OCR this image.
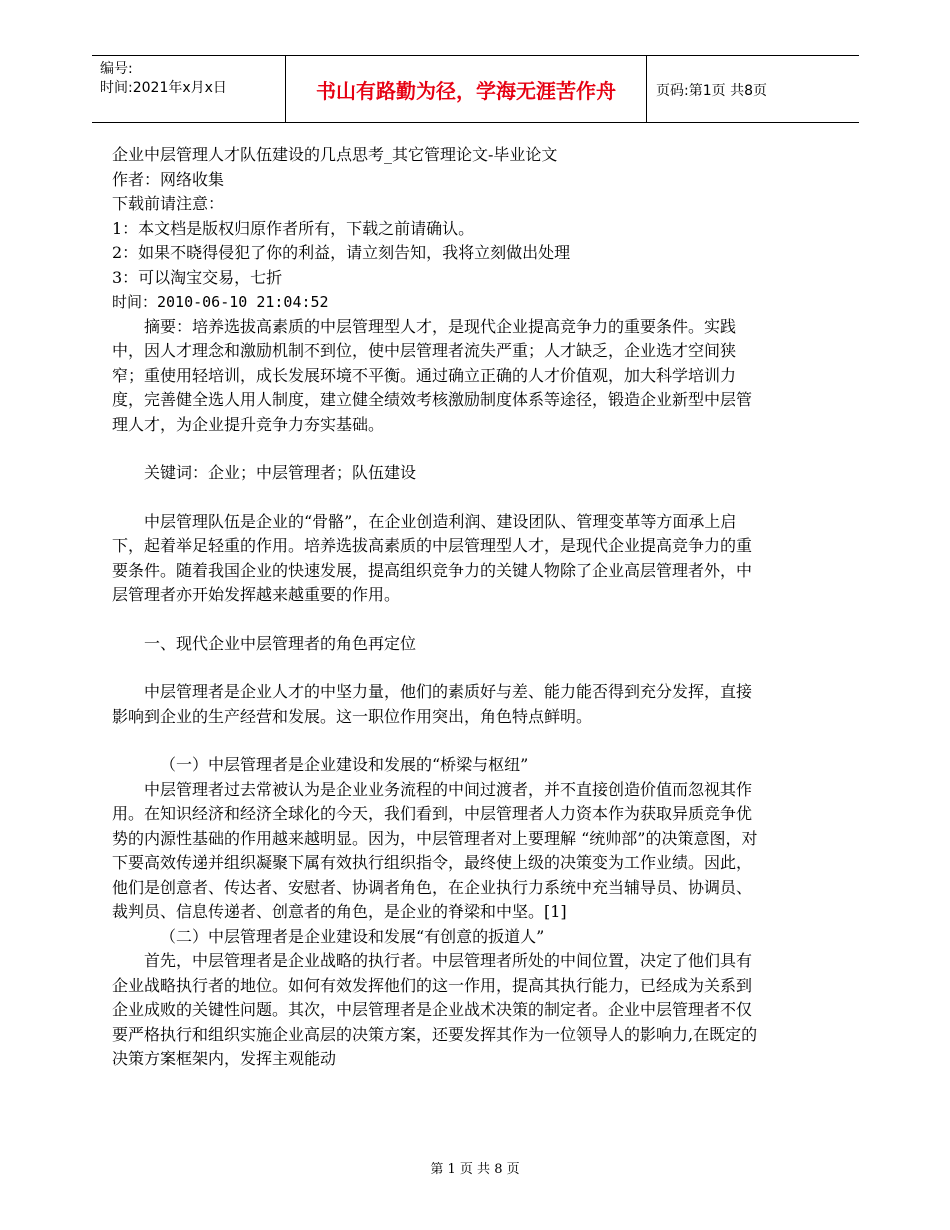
编号:
时间:2021年x月x日	书山有路勤为径，学海无涯苦作舟	页码:第1页 共8页

企业中层管理人才队伍建设的几点思考_其它管理论文-毕业论文

作者：网络收集

下载前请注意：

1：本文档是版权归原作者所有，下载之前请确认。

2：如果不晓得侵犯了你的利益，请立刻告知，我将立刻做出处理

3：可以淘宝交易，七折

时间：2010-06-10 21:04:52

摘要：培养选拔高素质的中层管理型人才，是现代企业提高竞争力的重要条件。实践中，因人才理念和激励机制不到位，使中层管理者流失严重；人才缺乏，企业选才空间狭窄；重使用轻培训，成长发展环境不平衡。通过确立正确的人才价值观，加大科学培训力度，完善健全选人用人制度，建立健全绩效考核激励制度体系等途径，锻造企业新型中层管理人才，为企业提升竞争力夯实基础。

关键词：企业；中层管理者；队伍建设

中层管理队伍是企业的“骨骼”，在企业创造利润、建设团队、管理变革等方面承上启下，起着举足轻重的作用。培养选拔高素质的中层管理型人才，是现代企业提高竞争力的重要条件。随着我国企业的快速发展，提高组织竞争力的关键人物除了企业高层管理者外，中层管理者亦开始发挥越来越重要的作用。

一、现代企业中层管理者的角色再定位

中层管理者是企业人才的中坚力量，他们的素质好与差、能力能否得到充分发挥，直接影响到企业的生产经营和发展。这一职位作用突出，角色特点鲜明。

（一）中层管理者是企业建设和发展的“桥梁与枢纽”

中层管理者过去常被认为是企业业务流程的中间过渡者，并不直接创造价值而忽视其作用。在知识经济和经济全球化的今天，我们看到，中层管理者人力资本作为获取异质竞争优势的内源性基础的作用越来越明显。因为，中层管理者对上要理解 “统帅部”的决策意图，对下要高效传递并组织凝聚下属有效执行组织指令，最终使上级的决策变为工作业绩。因此，他们是创意者、传达者、安慰者、协调者角色，在企业执行力系统中充当辅导员、协调员、裁判员、信息传递者、创意者的角色，是企业的脊梁和中坚。[1]

（二）中层管理者是企业建设和发展“有创意的扳道人”

首先，中层管理者是企业战略的执行者。中层管理者所处的中间位置，决定了他们具有企业战略执行者的地位。如何有效发挥他们的这一作用，提高其执行能力，已经成为关系到企业成败的关键性问题。其次，中层管理者是企业战术决策的制定者。企业中层管理者不仅要严格执行和组织实施企业高层的决策方案，还要发挥其作为一位领导人的影响力,在既定的决策方案框架内，发挥主观能动

第 1 页 共 8 页
